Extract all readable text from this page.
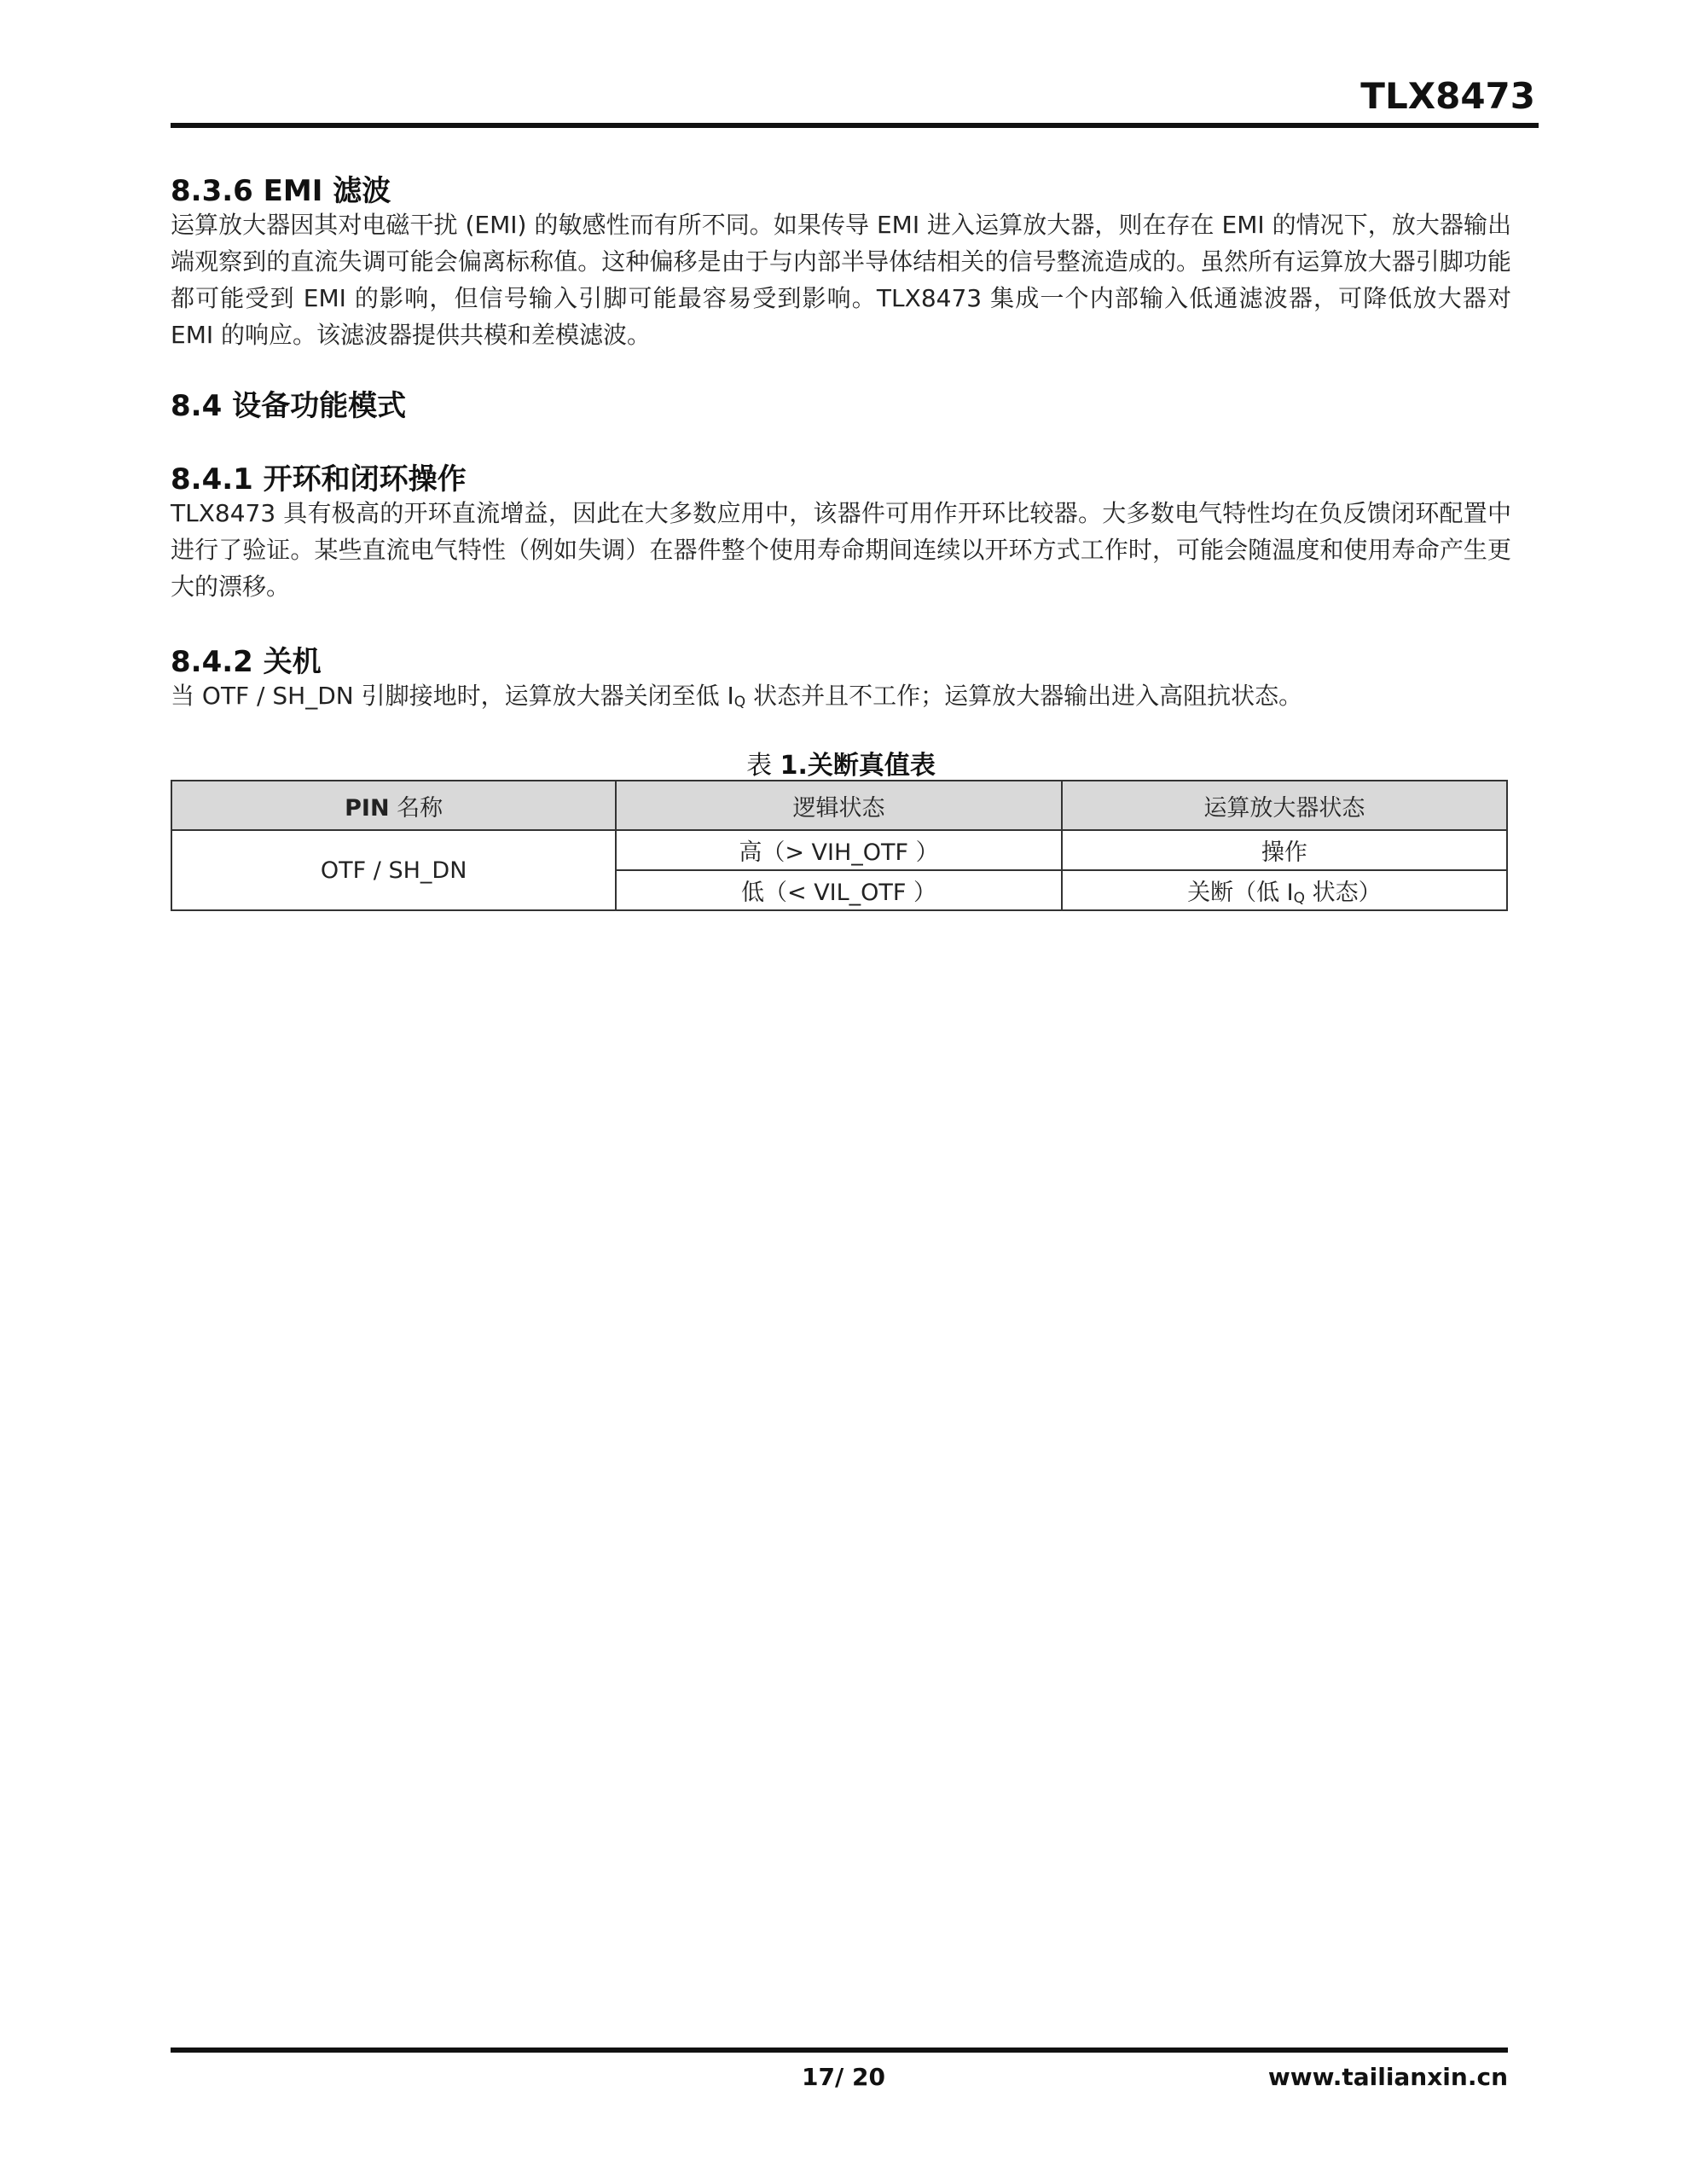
TLX8473
8.3.6 EMI 滤波

运算放大器因其对电磁干扰 (EMI) 的敏感性而有所不同。如果传导 EMI 进入运算放大器，则在存在 EMI 的情况下，放大器输出端观察到的直流失调可能会偏离标称值。这种偏移是由于与内部半导体结相关的信号整流造成的。虽然所有运算放大器引脚功能都可能受到 EMI 的影响，但信号输入引脚可能最容易受到影响。TLX8473 集成一个内部输入低通滤波器，可降低放大器对 EMI 的响应。该滤波器提供共模和差模滤波。

8.4 设备功能模式
8.4.1 开环和闭环操作

TLX8473 具有极高的开环直流增益，因此在大多数应用中，该器件可用作开环比较器。大多数电气特性均在负反馈闭环配置中进行了验证。某些直流电气特性（例如失调）在器件整个使用寿命期间连续以开环方式工作时，可能会随温度和使用寿命产生更大的漂移。

8.4.2 关机

当 OTF / SH_DN 引脚接地时，运算放大器关闭至低 $I_Q$ 状态并且不工作；运算放大器输出进入高阻抗状态。

表 1.关断真值表
PIN 名称	逻辑状态	运算放大器状态
OTF / SH_DN	高（> VIH_OTF ）	操作
	低（< VIL_OTF ）	关断（低 $I_Q$ 状态）
17/ 20	www.tailianxin.cn
